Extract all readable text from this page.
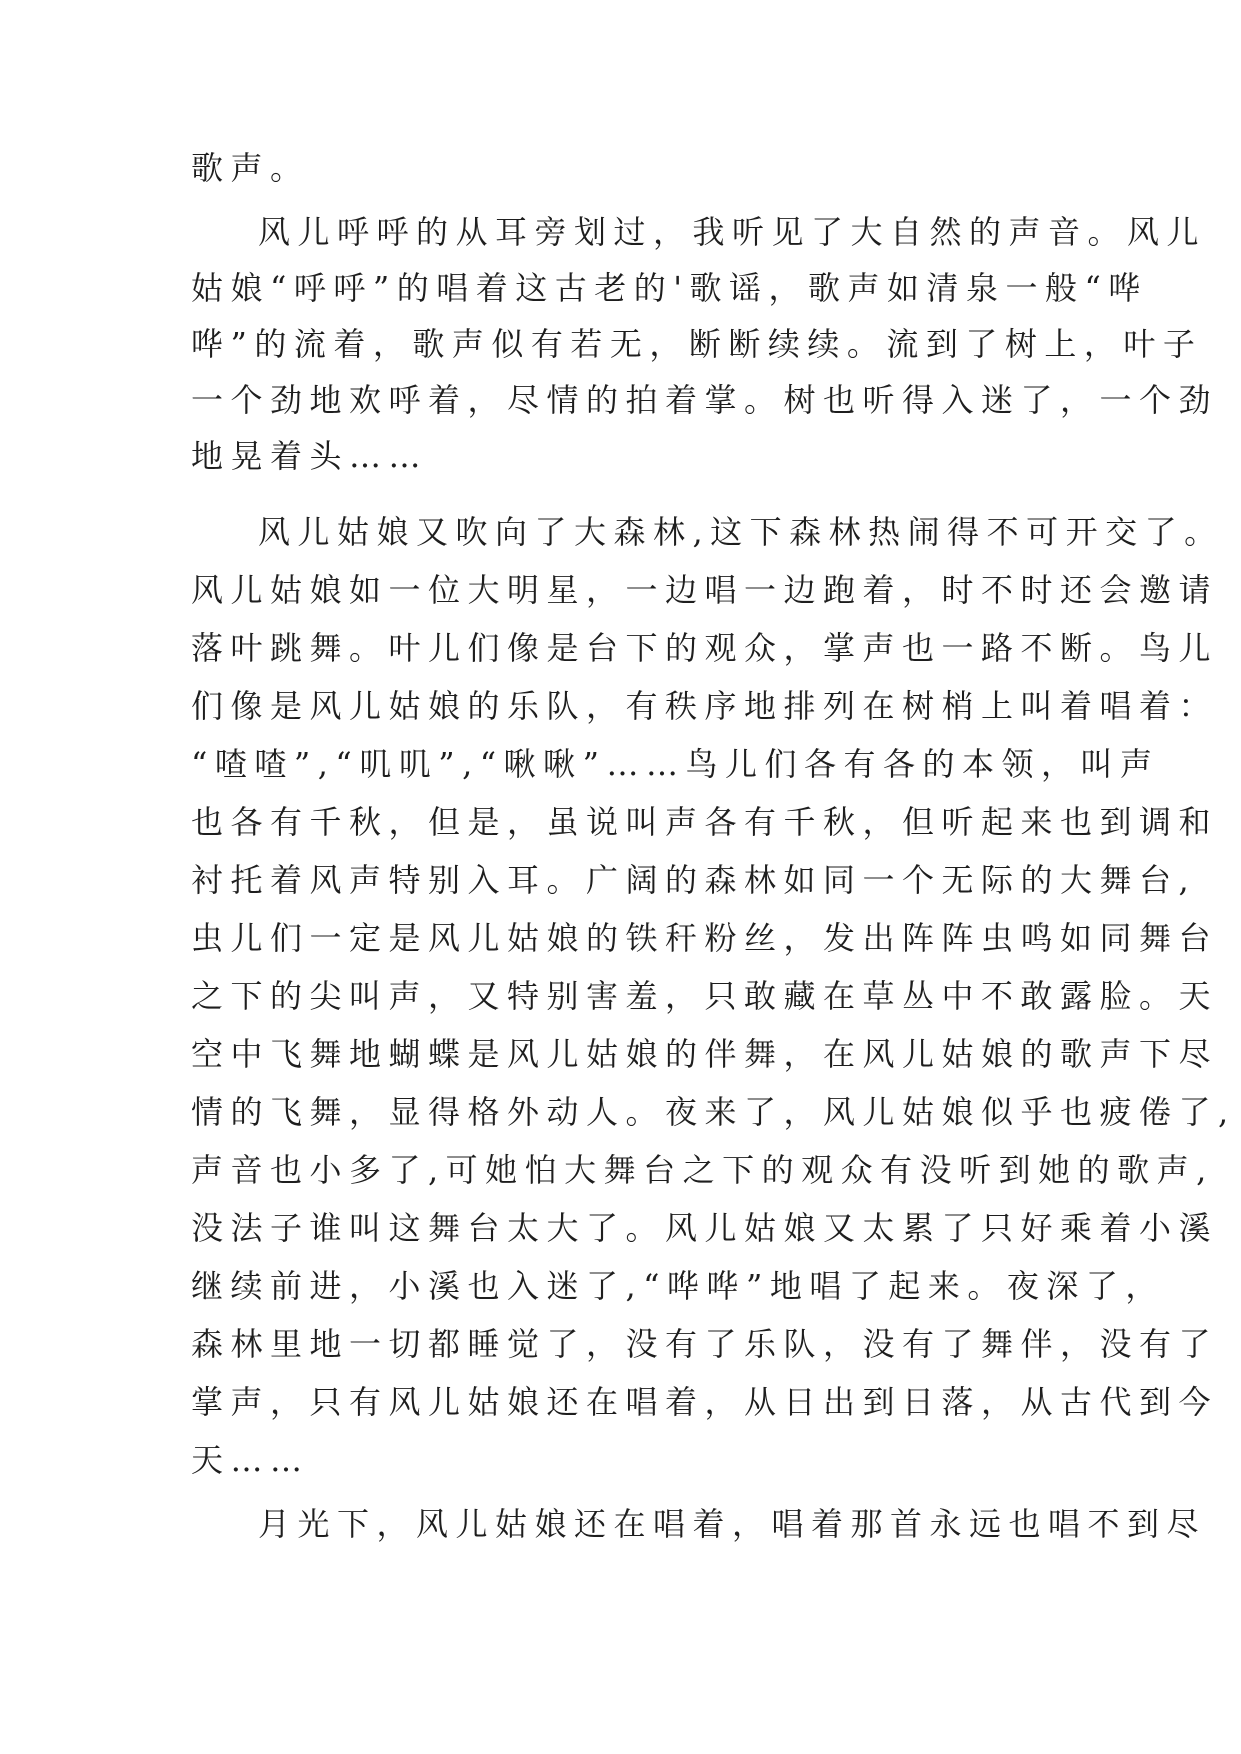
歌声。
风儿呼呼的从耳旁划过，我听见了大自然的声音。风儿
姑娘“呼呼”的唱着这古老的'歌谣，歌声如清泉一般“哗
哗”的流着，歌声似有若无，断断续续。流到了树上，叶子
一个劲地欢呼着，尽情的拍着掌。树也听得入迷了，一个劲
地晃着头……
风儿姑娘又吹向了大森林,这下森林热闹得不可开交了。
风儿姑娘如一位大明星，一边唱一边跑着，时不时还会邀请
落叶跳舞。叶儿们像是台下的观众，掌声也一路不断。鸟儿
们像是风儿姑娘的乐队，有秩序地排列在树梢上叫着唱着：
“喳喳”,“叽叽”,“啾啾”……鸟儿们各有各的本领，叫声
也各有千秋，但是，虽说叫声各有千秋，但听起来也到调和
衬托着风声特别入耳。广阔的森林如同一个无际的大舞台,
虫儿们一定是风儿姑娘的铁秆粉丝，发出阵阵虫鸣如同舞台
之下的尖叫声，又特别害羞，只敢藏在草丛中不敢露脸。天
空中飞舞地蝴蝶是风儿姑娘的伴舞，在风儿姑娘的歌声下尽
情的飞舞，显得格外动人。夜来了，风儿姑娘似乎也疲倦了,
声音也小多了,可她怕大舞台之下的观众有没听到她的歌声,
没法子谁叫这舞台太大了。风儿姑娘又太累了只好乘着小溪
继续前进，小溪也入迷了,“哗哗”地唱了起来。夜深了，
森林里地一切都睡觉了，没有了乐队，没有了舞伴，没有了
掌声，只有风儿姑娘还在唱着，从日出到日落，从古代到今
天……
月光下，风儿姑娘还在唱着，唱着那首永远也唱不到尽
